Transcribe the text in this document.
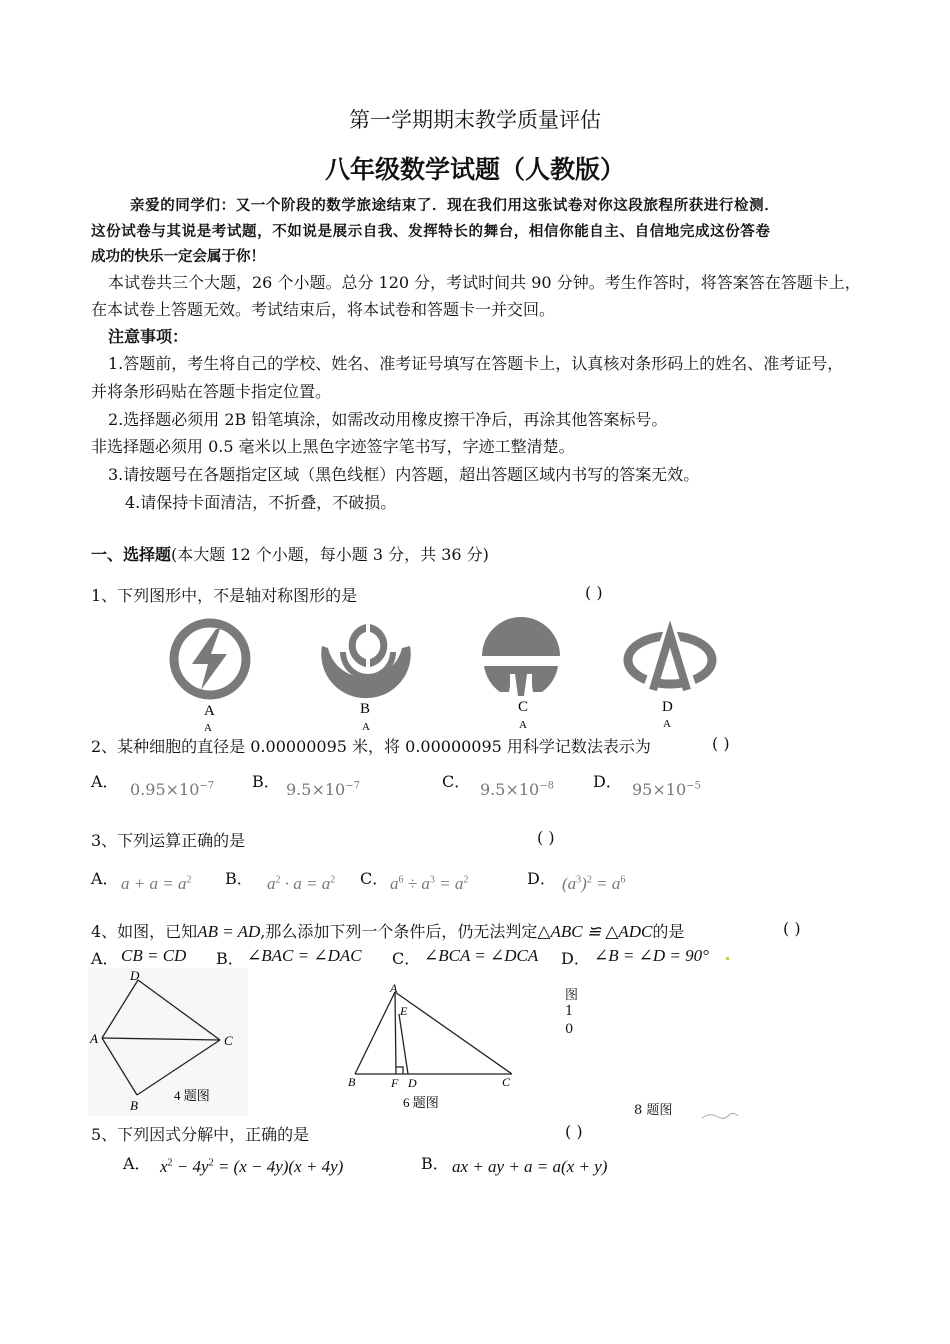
第一学期期末教学质量评估
八年级数学试题（人教版）
亲爱的同学们：又一个阶段的数学旅途结束了．现在我们用这张试卷对你这段旅程所获进行检测．
这份试卷与其说是考试题，不如说是展示自我、发挥特长的舞台，相信你能自主、自信地完成这份答卷
成功的快乐一定会属于你！
本试卷共三个大题，26 个小题。总分 120 分，考试时间共 90 分钟。考生作答时，将答案答在答题卡上，
在本试卷上答题无效。考试结束后，将本试卷和答题卡一并交回。
注意事项：
1.答题前，考生将自己的学校、姓名、准考证号填写在答题卡上，认真核对条形码上的姓名、准考证号，
并将条形码贴在答题卡指定位置。
2.选择题必须用 2B 铅笔填涂，如需改动用橡皮擦干净后，再涂其他答案标号。
非选择题必须用 0.5 毫米以上黑色字迹签字笔书写，字迹工整清楚。
3.请按题号在各题指定区域（黑色线框）内答题，超出答题区域内书写的答案无效。
4.请保持卡面清洁，不折叠，不破损。
一、选择题(本大题 12 个小题，每小题 3 分，共 36 分)
1、下列图形中，不是轴对称图形的是	( )
A
A
B
A
C
A
D
A
2、某种细胞的直径是 0.00000095 米，将 0.00000095 用科学记数法表示为	( )
A． $0.95\times 10^{-7}$ B． $9.5\times 10^{-7}$	C． $9.5\times 10^{-8}$ D． $95\times 10^{-5}$
3、下列运算正确的是	( )
A． $a + a = a^2$ B． $a^2 \cdot a = a^2$ C． $a^6 \div a^3 = a^2$	D． $(a^3)^2 = a^6$
4、如图，已知AB = AD,那么添加下列一个条件后，仍无法判定△ABC ≌ △ADC的是	( )
A． CB = CD B． ∠BAC = ∠DAC C． ∠BCA = ∠DCA D． ∠B = ∠D = 90°
D
A	C
B
4 题图
A
E
B	F D	C
6 题图
图
1
0
8 题图
5、下列因式分解中，正确的是	( )
A． $x^2 - 4y^2 = (x - 4y)(x + 4y)$	B． ax + ay + a = a(x + y)
